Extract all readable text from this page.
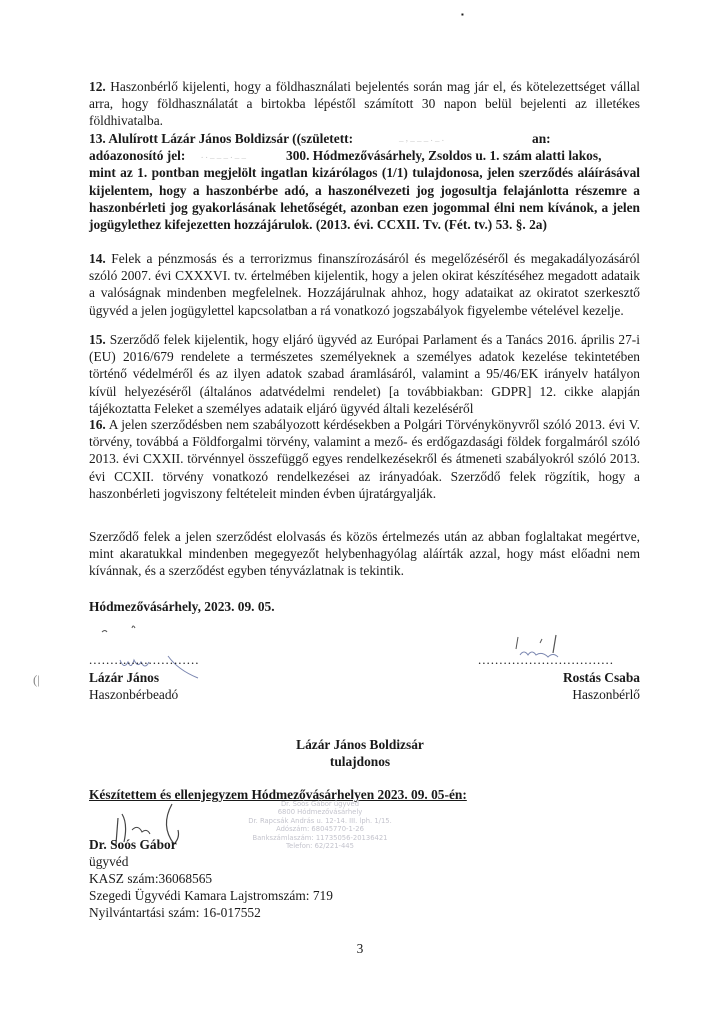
▪
(|

12. Haszonbérlő kijelenti, hogy a földhasználati bejelentés során mag jár el, és kötelezettséget vállal arra, hogy földhasználatát a birtokba lépéstől számított 30 napon belül bejelenti az illetékes földhivatalba.

13. Alulírott Lázár János Boldizsár ((született:	_ , _ _ _ . _ .	an:
adóazonosító jel: . . _ _ _ . _ _	300. Hódmezővásárhely, Zsoldos u. 1. szám alatti lakos,
mint az 1. pontban megjelölt ingatlan kizárólagos (1/1) tulajdonosa, jelen szerződés aláírásával kijelentem, hogy a haszonbérbe adó, a haszonélvezeti jog jogosultja felajánlotta részemre a haszonbérleti jog gyakorlásának lehetőségét, azonban ezen jogommal élni nem kívánok, a jelen jogügylethez kifejezetten hozzájárulok. (2013. évi. CCXII. Tv. (Fét. tv.) 53. §. 2a)

14. Felek a pénzmosás és a terrorizmus finanszírozásáról és megelőzéséről és megakadályozásáról szóló 2007. évi CXXXVI. tv. értelmében kijelentik, hogy a jelen okirat készítéséhez megadott adataik a valóságnak mindenben megfelelnek. Hozzájárulnak ahhoz, hogy adataikat az okiratot szerkesztő ügyvéd a jelen jogügylettel kapcsolatban a rá vonatkozó jogszabályok figyelembe vételével kezelje.

15. Szerződő felek kijelentik, hogy eljáró ügyvéd az Európai Parlament és a Tanács 2016. április 27-i (EU) 2016/679 rendelete a természetes személyeknek a személyes adatok kezelése tekintetében történő védelméről és az ilyen adatok szabad áramlásáról, valamint a 95/46/EK irányelv hatályon kívül helyezéséről (általános adatvédelmi rendelet) [a továbbiakban: GDPR] 12. cikke alapján tájékoztatta Feleket a személyes adataik eljáró ügyvéd általi kezeléséről

16. A jelen szerződésben nem szabályozott kérdésekben a Polgári Törvénykönyvről szóló 2013. évi V. törvény, továbbá a Földforgalmi törvény, valamint a mező- és erdőgazdasági földek forgalmáról szóló 2013. évi CXXII. törvénnyel összefüggő egyes rendelkezésekről és átmeneti szabályokról szóló 2013. évi CCXII. törvény vonatkozó rendelkezései az irányadóak. Szerződő felek rögzítik, hogy a haszonbérleti jogviszony feltételeit minden évben újratárgyalják.

Szerződő felek a jelen szerződést elolvasás és közös értelmezés után az abban foglaltakat megértve, mint akaratukkal mindenben megegyezőt helybenhagyólag aláírták azzal, hogy mást előadni nem kívánnak, és a szerződést egyben tényvázlatnak is tekintik.

Hódmezővásárhely, 2023. 09. 05.

..........................	................................
Lázár János
Haszonbérbeadó
Rostás Csaba
Haszonbérlő
Lázár János Boldizsár
tulajdonos
Készítettem és ellenjegyzem Hódmezővásárhelyen 2023. 09. 05-én:
Dr. Soós Gábor ügyvéd
6800 Hódmezővásárhely
Dr. Rapcsák András u. 12-14. III. lph. 1/15.
Adószám: 68045770-1-26
Bankszámlaszám: 11735056-20136421
Telefon: 62/221-445
Dr. Soós Gábor
ügyvéd
KASZ szám:36068565
Szegedi Ügyvédi Kamara Lajstromszám: 719
Nyilvántartási szám: 16-017552
3
